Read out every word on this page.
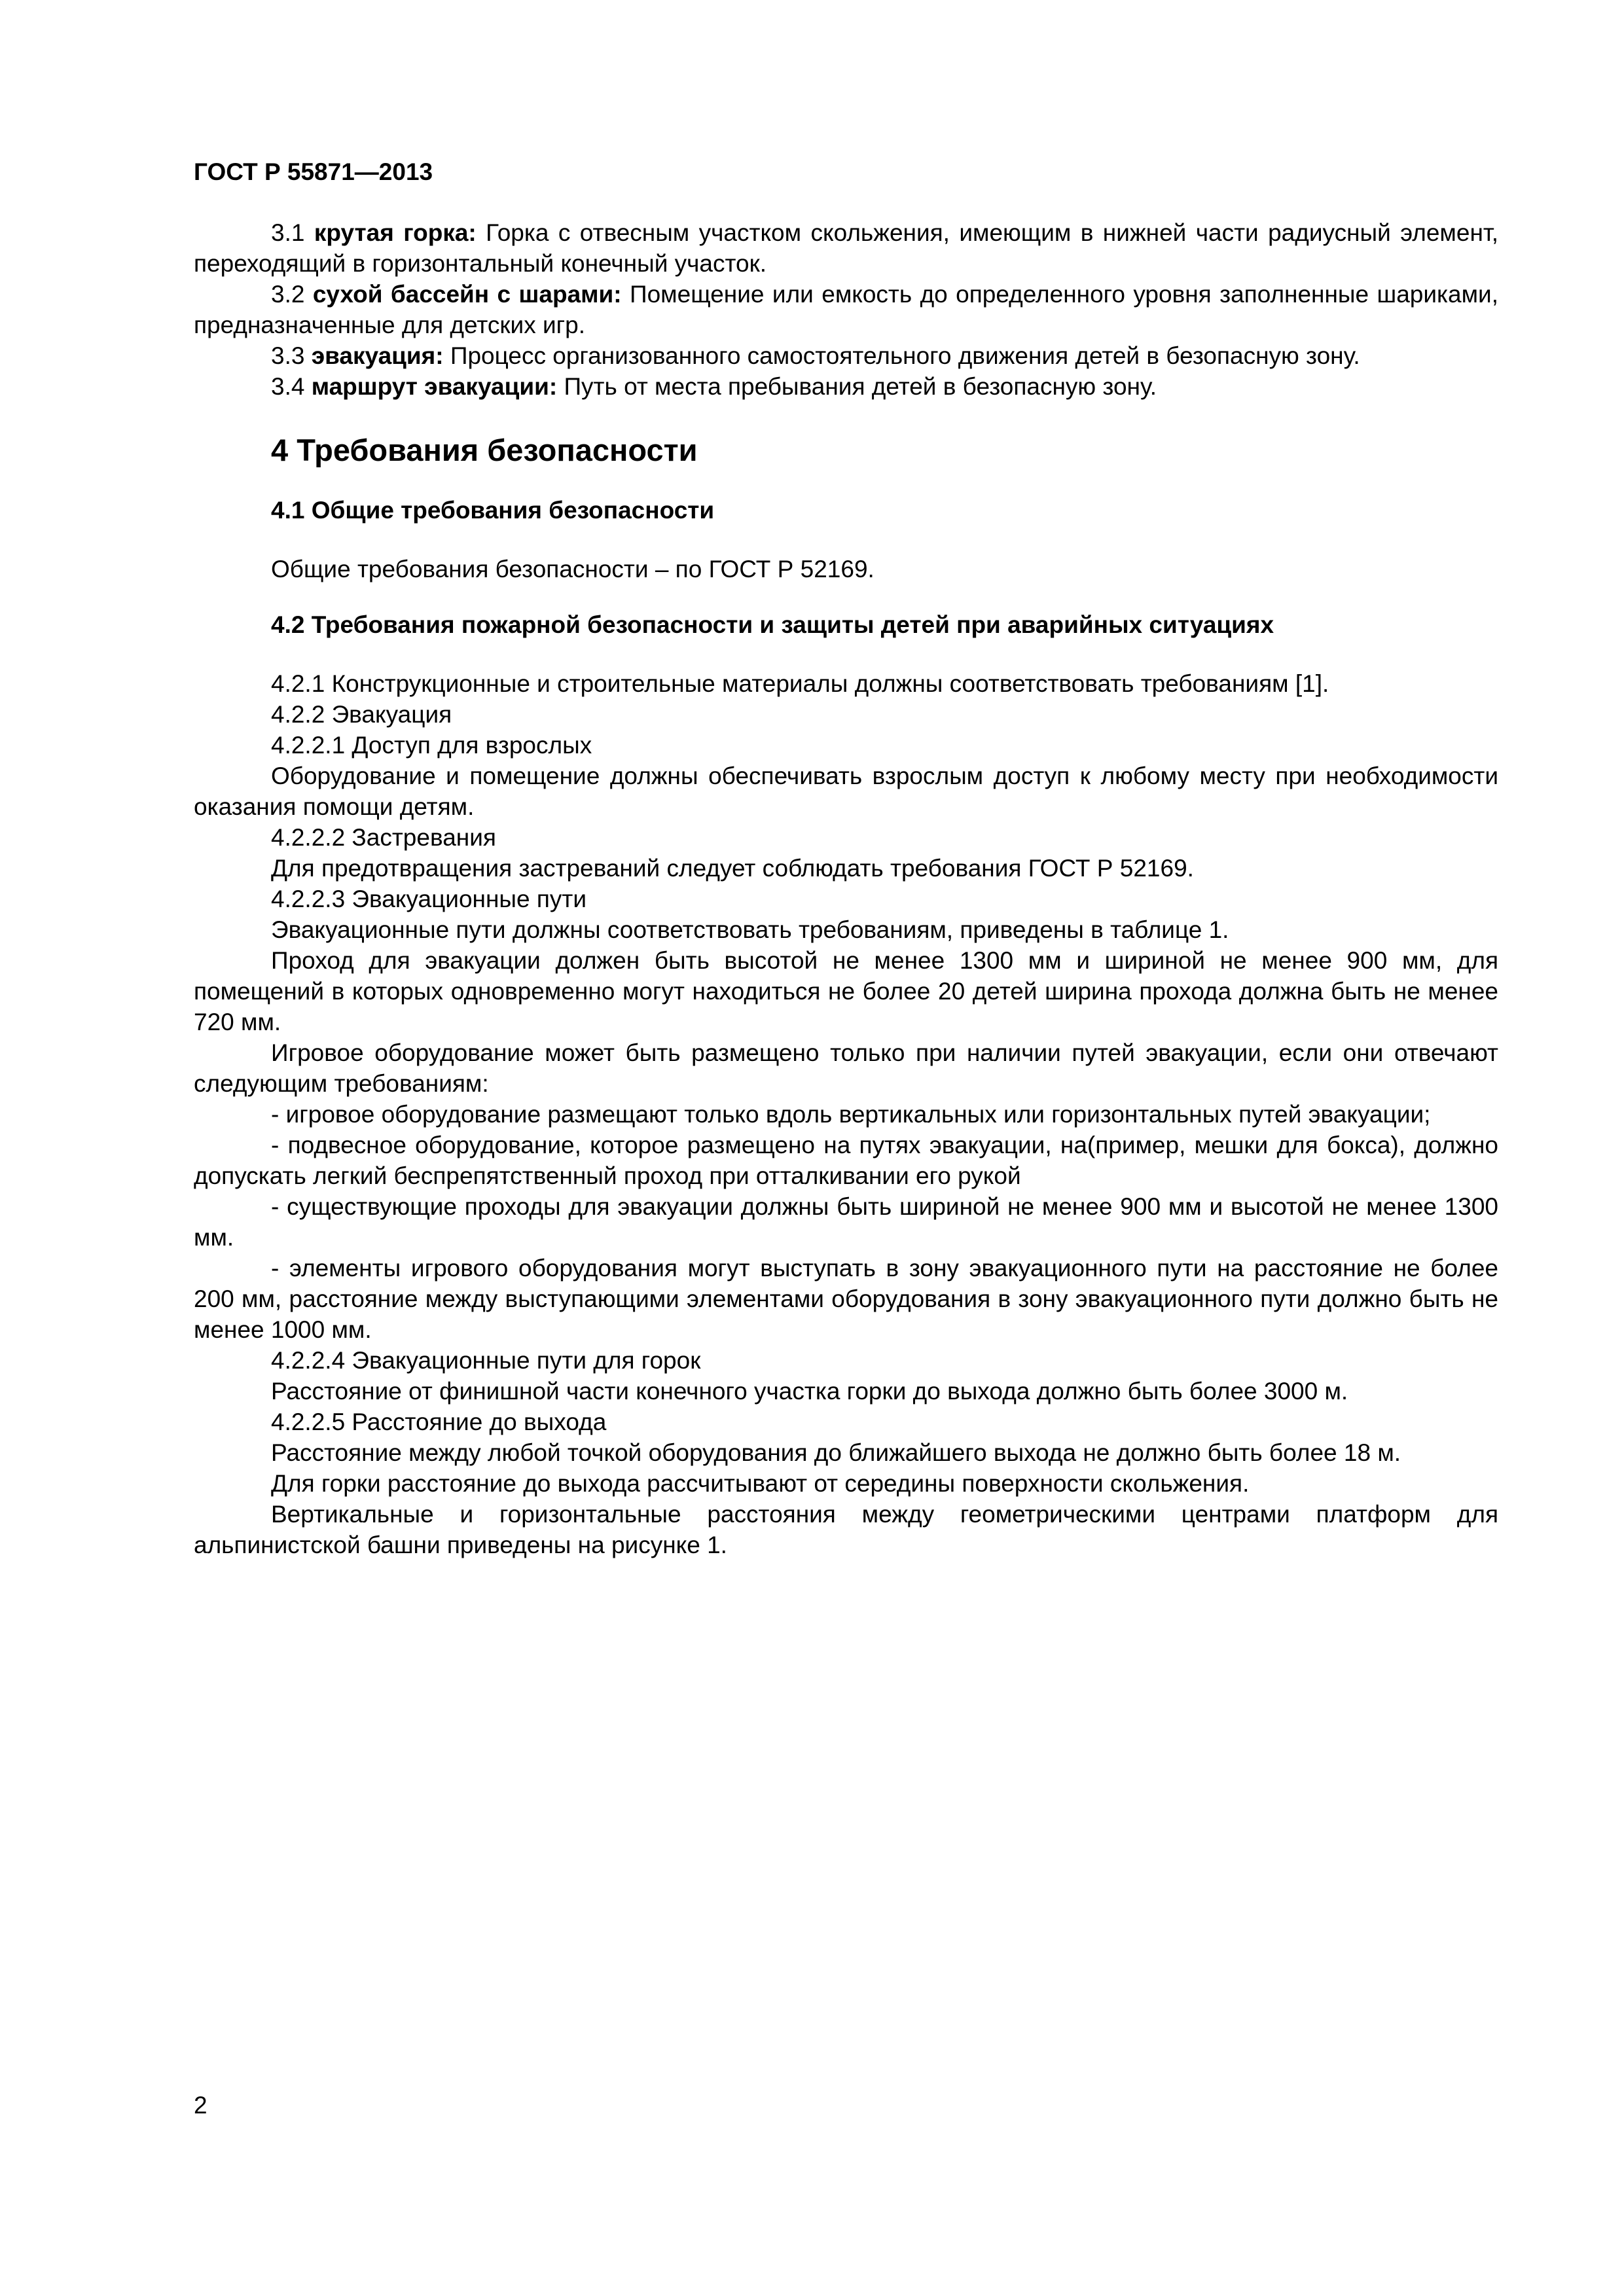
ГОСТ Р 55871—2013

3.1 крутая горка: Горка с отвесным участком скольжения, имеющим в нижней части радиусный элемент, переходящий в горизонтальный конечный участок.

3.2 сухой бассейн с шарами: Помещение или емкость до определенного уровня заполненные шариками, предназначенные для детских игр.

3.3 эвакуация: Процесс организованного самостоятельного движения детей в безопасную зону.

3.4 маршрут эвакуации: Путь от места пребывания детей в безопасную зону.

4 Требования безопасности
4.1 Общие требования безопасности

Общие требования безопасности – по ГОСТ Р 52169.

4.2 Требования пожарной безопасности и защиты детей при аварийных ситуациях

4.2.1 Конструкционные и строительные материалы должны соответствовать требованиям [1].

4.2.2 Эвакуация

4.2.2.1 Доступ для взрослых

Оборудование и помещение должны обеспечивать взрослым доступ к любому месту при необходимости оказания помощи детям.

4.2.2.2 Застревания

Для предотвращения застреваний следует соблюдать требования ГОСТ Р 52169.

4.2.2.3 Эвакуационные пути

Эвакуационные пути должны соответствовать требованиям, приведены в таблице 1.

Проход для эвакуации должен быть высотой не менее 1300 мм и шириной не менее 900 мм, для помещений в которых одновременно могут находиться не более 20 детей ширина прохода должна быть не менее 720 мм.

Игровое оборудование может быть размещено только при наличии путей эвакуации, если они отвечают следующим требованиям:

- игровое оборудование размещают только вдоль вертикальных или горизонтальных путей эвакуации;

- подвесное оборудование, которое размещено на путях эвакуации, на(пример, мешки для бокса), должно допускать легкий беспрепятственный проход при отталкивании его рукой

- существующие проходы для эвакуации должны быть шириной не менее 900 мм и высотой не менее 1300 мм.

- элементы игрового оборудования могут выступать в зону эвакуационного пути на расстояние не более 200 мм, расстояние между выступающими элементами оборудования в зону эвакуационного пути должно быть не менее 1000 мм.

4.2.2.4 Эвакуационные пути для горок

Расстояние от финишной части конечного участка горки до выхода должно быть более 3000 м.

4.2.2.5 Расстояние до выхода

Расстояние между любой точкой оборудования до ближайшего выхода не должно быть более 18 м.

Для горки расстояние до выхода рассчитывают от середины поверхности скольжения.

Вертикальные и горизонтальные расстояния между геометрическими центрами платформ для альпинистской башни приведены на рисунке 1.

2
